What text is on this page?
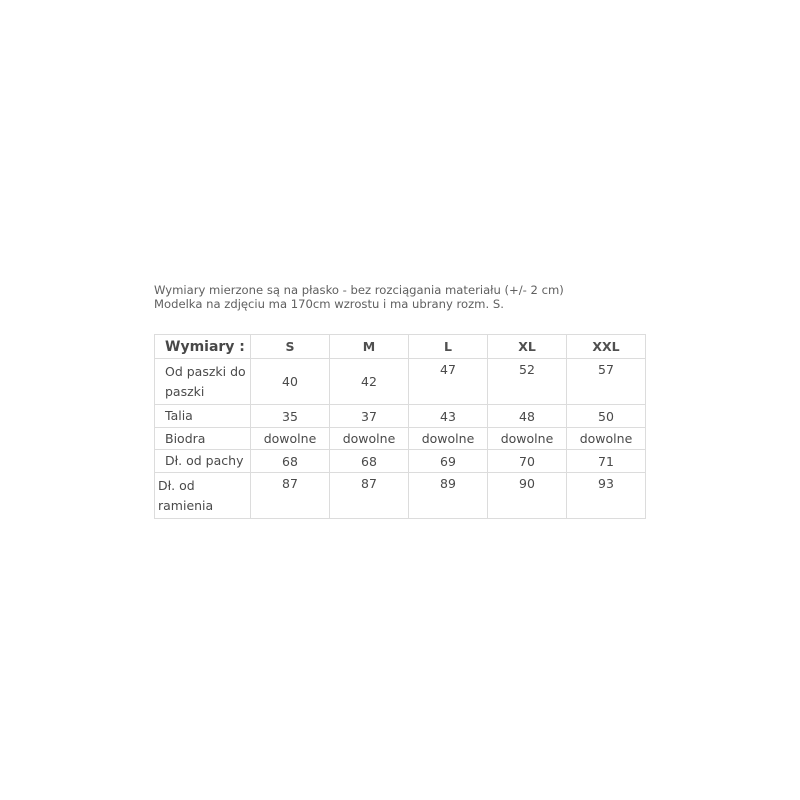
Wymiary mierzone są na płasko - bez rozciągania materiału (+/- 2 cm)
Modelka na zdjęciu ma 170cm wzrostu i ma ubrany rozm. S.
Wymiary :	S	M	L	XL	XXL
Od paszki do
paszki	40	42	47	52	57
Talia	35	37	43	48	50
Biodra	dowolne	dowolne	dowolne	dowolne	dowolne
Dł. od pachy	68	68	69	70	71
Dł. od
ramienia	87	87	89	90	93
